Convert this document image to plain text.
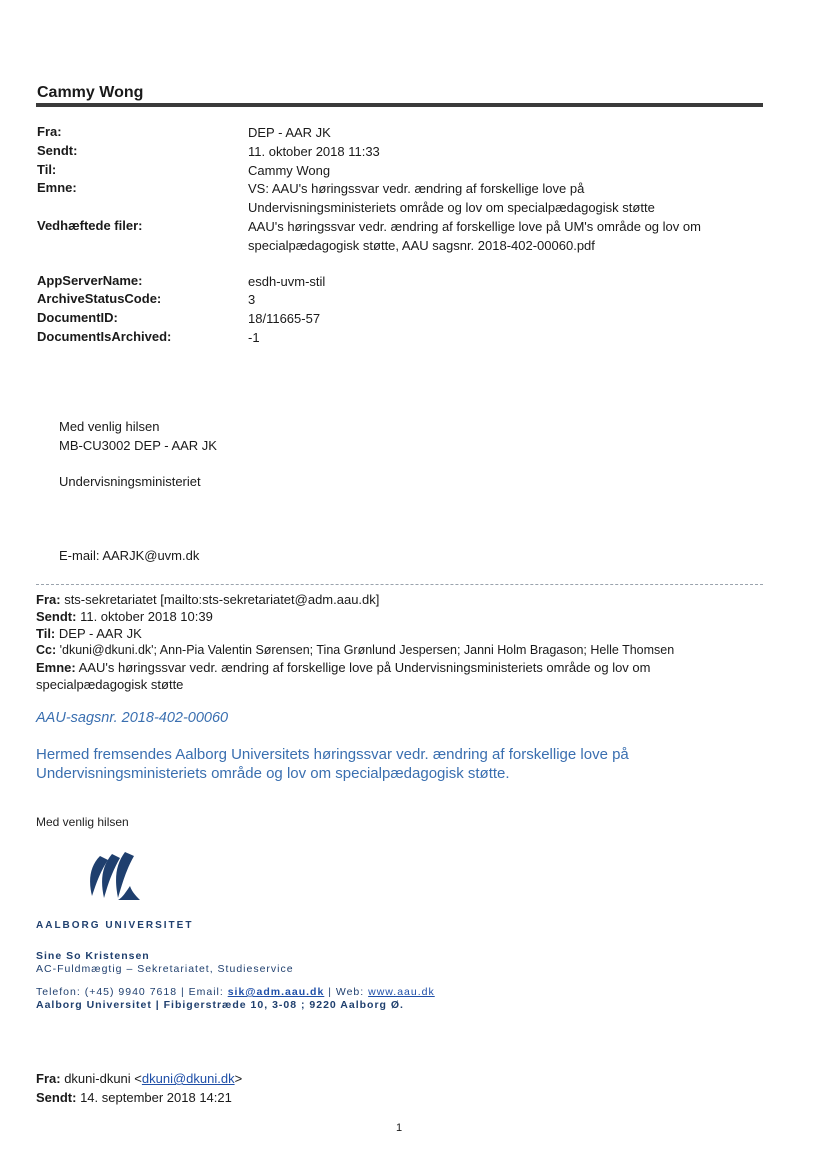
Cammy Wong
Fra:
Sendt:
Til:
Emne:
Vedhæftede filer:
AppServerName:
ArchiveStatusCode:
DocumentID:
DocumentIsArchived:
DEP - AAR JK
11. oktober 2018 11:33
Cammy Wong
VS: AAU's høringssvar vedr. ændring af forskellige love på
Undervisningsministeriets område og lov om specialpædagogisk støtte
AAU's høringssvar vedr. ændring af forskellige love på UM's område og lov om
specialpædagogisk støtte, AAU sagsnr. 2018-402-00060.pdf
esdh-uvm-stil
3
18/11665-57
-1
Med venlig hilsen
MB-CU3002 DEP - AAR JK
Undervisningsministeriet
E-mail: AARJK@uvm.dk
Fra: sts-sekretariatet [mailto:sts-sekretariatet@adm.aau.dk]
Sendt: 11. oktober 2018 10:39
Til: DEP - AAR JK
Cc: 'dkuni@dkuni.dk'; Ann-Pia Valentin Sørensen; Tina Grønlund Jespersen; Janni Holm Bragason; Helle Thomsen
Emne: AAU's høringssvar vedr. ændring af forskellige love på Undervisningsministeriets område og lov om
specialpædagogisk støtte
AAU-sagsnr. 2018-402-00060
Hermed fremsendes Aalborg Universitets høringssvar vedr. ændring af forskellige love på Undervisningsministeriets område og lov om specialpædagogisk støtte.
Med venlig hilsen
AALBORG UNIVERSITET
Sine So Kristensen
AC-Fuldmægtig – Sekretariatet, Studieservice
Telefon: (+45) 9940 7618 | Email: sik@adm.aau.dk | Web: www.aau.dk
Aalborg Universitet | Fibigerstræde 10, 3-08 ; 9220 Aalborg Ø.
Fra: dkuni-dkuni <dkuni@dkuni.dk>
Sendt: 14. september 2018 14:21
1
